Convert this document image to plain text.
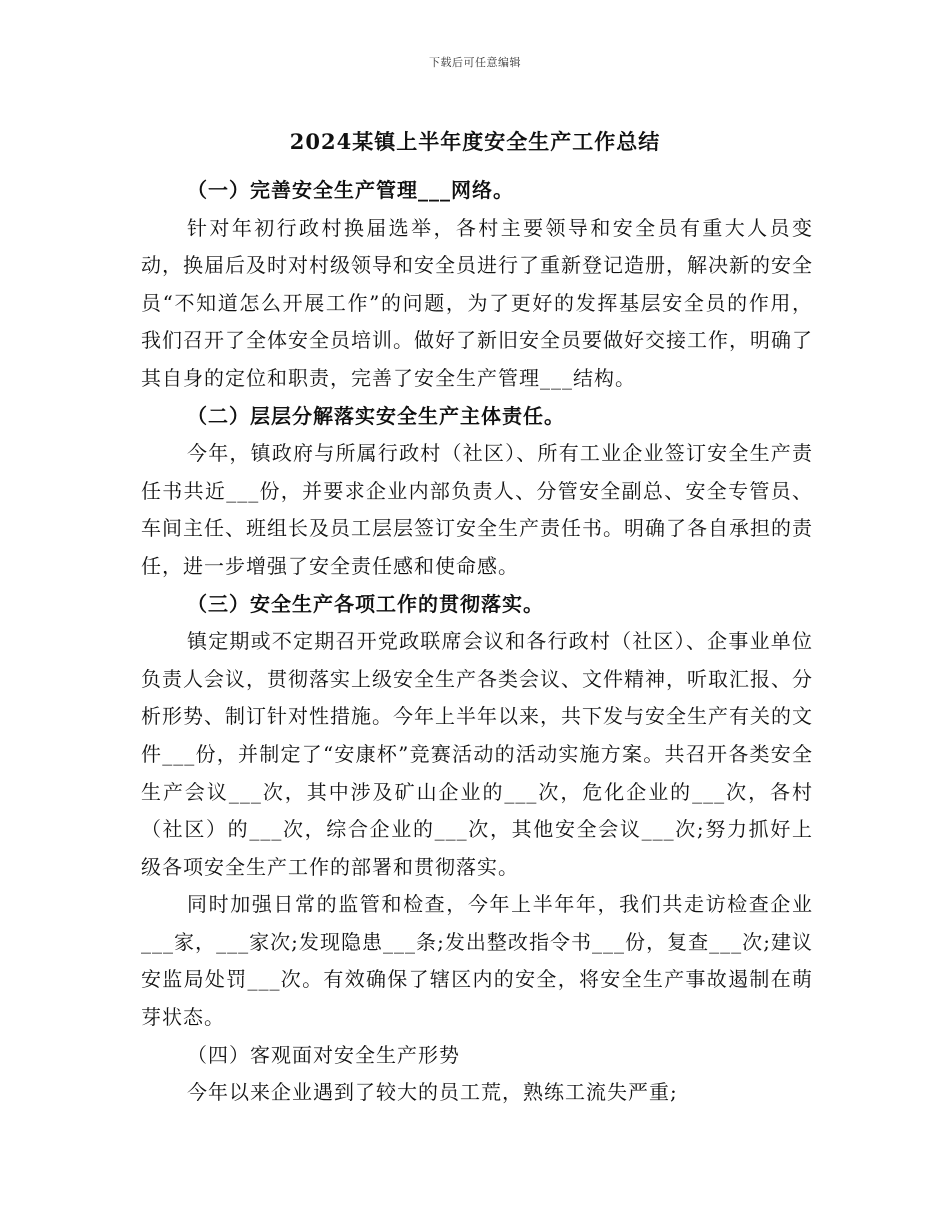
下载后可任意编辑
2024某镇上半年度安全生产工作总结

（一）完善安全生产管理___网络。

针对年初行政村换届选举，各村主要领导和安全员有重大人员变动，换届后及时对村级领导和安全员进行了重新登记造册，解决新的安全员“不知道怎么开展工作”的问题，为了更好的发挥基层安全员的作用，我们召开了全体安全员培训。做好了新旧安全员要做好交接工作，明确了其自身的定位和职责，完善了安全生产管理___结构。

（二）层层分解落实安全生产主体责任。

今年，镇政府与所属行政村（社区）、所有工业企业签订安全生产责任书共近___份，并要求企业内部负责人、分管安全副总、安全专管员、车间主任、班组长及员工层层签订安全生产责任书。明确了各自承担的责任，进一步增强了安全责任感和使命感。

（三）安全生产各项工作的贯彻落实。

镇定期或不定期召开党政联席会议和各行政村（社区）、企事业单位负责人会议，贯彻落实上级安全生产各类会议、文件精神，听取汇报、分析形势、制订针对性措施。今年上半年以来，共下发与安全生产有关的文件___份，并制定了“安康杯”竞赛活动的活动实施方案。共召开各类安全生产会议___次，其中涉及矿山企业的___次，危化企业的___次，各村（社区）的___次，综合企业的___次，其他安全会议___次;努力抓好上级各项安全生产工作的部署和贯彻落实。

同时加强日常的监管和检查，今年上半年年，我们共走访检查企业___家，___家次;发现隐患___条;发出整改指令书___份，复查___次;建议安监局处罚___次。有效确保了辖区内的安全，将安全生产事故遏制在萌芽状态。

（四）客观面对安全生产形势

今年以来企业遇到了较大的员工荒，熟练工流失严重;
